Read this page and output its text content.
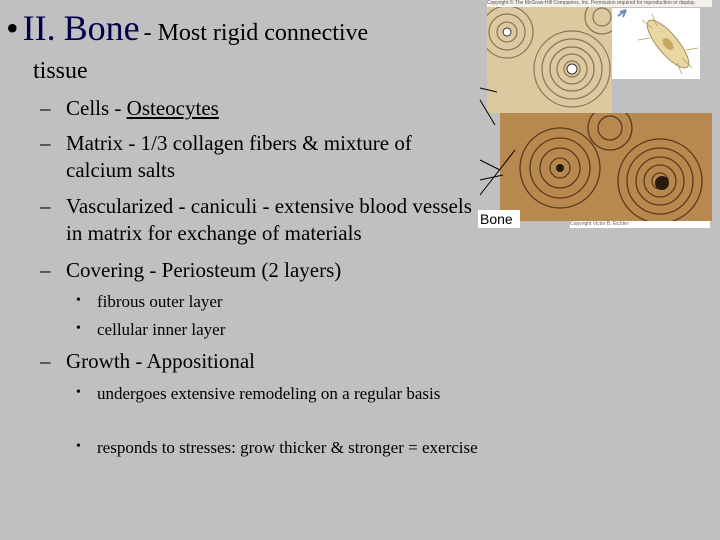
• II. Bone - Most rigid connective
tissue
– Cells - Osteocytes
– Matrix - 1/3 collagen fibers & mixture of calcium salts
– Vascularized - caniculi - extensive blood vessels in matrix for exchange of materials
– Covering - Periosteum (2 layers)
• fibrous outer layer
• cellular inner layer
– Growth - Appositional
• undergoes extensive remodeling on a regular basis
• responds to stresses: grow thicker & stronger = exercise
Copyright © The McGraw-Hill Companies, Inc. Permission required for reproduction or display.
Bone	Copyright Victor B. Eichler
